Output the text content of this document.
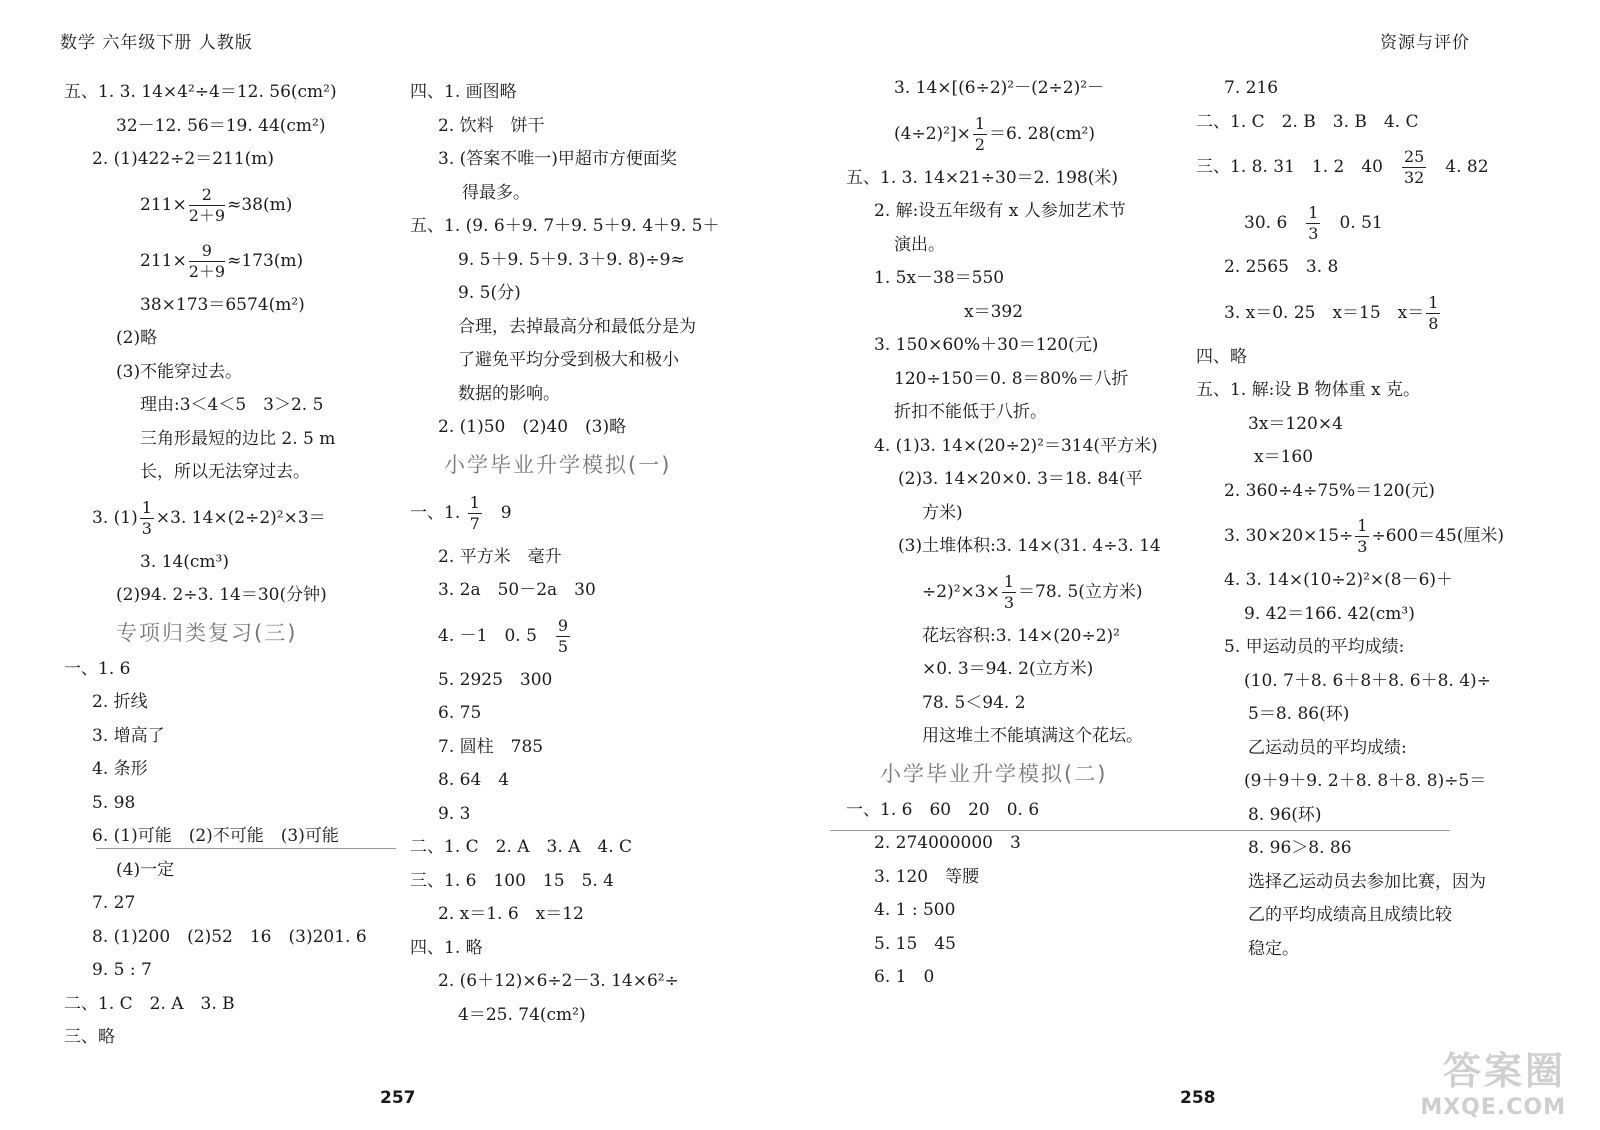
数学 六年级下册 人教版	资源与评价
五、1. 3. 14×4²÷4＝12. 56(cm²)
32－12. 56＝19. 44(cm²)
2. (1)422÷2＝211(m)
$211\times \frac{2}{2+9} \approx 38(m)$
$211\times \frac{9}{2+9} \approx 173(m)$
38×173＝6574(m²)
(2)略
(3)不能穿过去。
理由:3＜4＜5　3＞2. 5
三角形最短的边比 2. 5 m
长，所以无法穿过去。
3. $(1) \frac{1}{3} \times 3$. 14×(2÷2)²×3＝
3. 14(cm³)
(2)94. 2÷3. 14＝30(分钟)
专项归类复习(三)
一、1. 6
2. 折线
3. 增高了
4. 条形
5. 98
6. (1)可能　(2)不可能　(3)可能
(4)一定
7. 27
8. (1)200　(2)52　16　(3)201. 6
9. 5 : 7
二、1. C　2. A　3. B
三、略
四、1. 画图略
2. 饮料　饼干
3. (答案不唯一)甲超市方便面奖
得最多。
五、1. (9. 6＋9. 7＋9. 5＋9. 4＋9. 5＋
9. 5＋9. 5＋9. 3＋9. 8)÷9≈
9. 5(分)
合理，去掉最高分和最低分是为
了避免平均分受到极大和极小
数据的影响。
2. (1)50　(2)40　(3)略
小学毕业升学模拟(一)
一、1. $\frac{1}{7}$ 　9
2. 平方米　毫升
3. 2a　50－2a　30
4. －1　0. 5　 $\frac{9}{5}$
5. 2925　300
6. 75
7. 圆柱　785
8. 64　4
9. 3
二、1. C　2. A　3. A　4. C
三、1. 6　100　15　5. 4
2. x＝1. 6　x＝12
四、1. 略
2. (6＋12)×6÷2－3. 14×6²÷
4＝25. 74(cm²)
3. 14×[(6÷2)²－(2÷2)²－
$(4\div 2)^2]\times \frac{1}{2} =6$. 28(cm²)
五、1. 3. 14×21÷30＝2. 198(米)
2. 解:设五年级有 x 人参加艺术节
演出。
1. 5x－38＝550
x＝392
3. 150×60%＋30＝120(元)
120÷150＝0. 8＝80%＝八折
折扣不能低于八折。
4. (1)3. 14×(20÷2)²＝314(平方米)
(2)3. 14×20×0. 3＝18. 84(平
方米)
(3)土堆体积:3. 14×(31. 4÷3. 14
$\div 2)^2\times 3\times \frac{1}{3} =78$. 5(立方米)
花坛容积:3. 14×(20÷2)²
×0. 3＝94. 2(立方米)
78. 5＜94. 2
用这堆土不能填满这个花坛。
小学毕业升学模拟(二)
一、1. 6　60　20　0. 6
2. 274000000　3
3. 120　等腰
4. 1 : 500
5. 15　45
6. 1　0
7. 216
二、1. C　2. B　3. B　4. C
三、1. 8. 31　1. 2　40　 $\frac{25}{32}$ 　4. 82
30. 6　 $\frac{1}{3}$ 　0. 51
2. 2565　3. 8
3. x＝0. 25　x＝15　$x= \frac{1}{8}$
四、略
五、1. 解:设 B 物体重 x 克。
3x＝120×4
x＝160
2. 360÷4÷75%＝120(元)
3. $30\times 20\times 15\div \frac{1}{3} \div 600=45$(厘米)
4. 3. 14×(10÷2)²×(8－6)＋
9. 42＝166. 42(cm³)
5. 甲运动员的平均成绩:
(10. 7＋8. 6＋8＋8. 6＋8. 4)÷
5＝8. 86(环)
乙运动员的平均成绩:
(9＋9＋9. 2＋8. 8＋8. 8)÷5＝
8. 96(环)
8. 96＞8. 86
选择乙运动员去参加比赛，因为
乙的平均成绩高且成绩比较
稳定。
257	258
答案圈
MXQE.COM
